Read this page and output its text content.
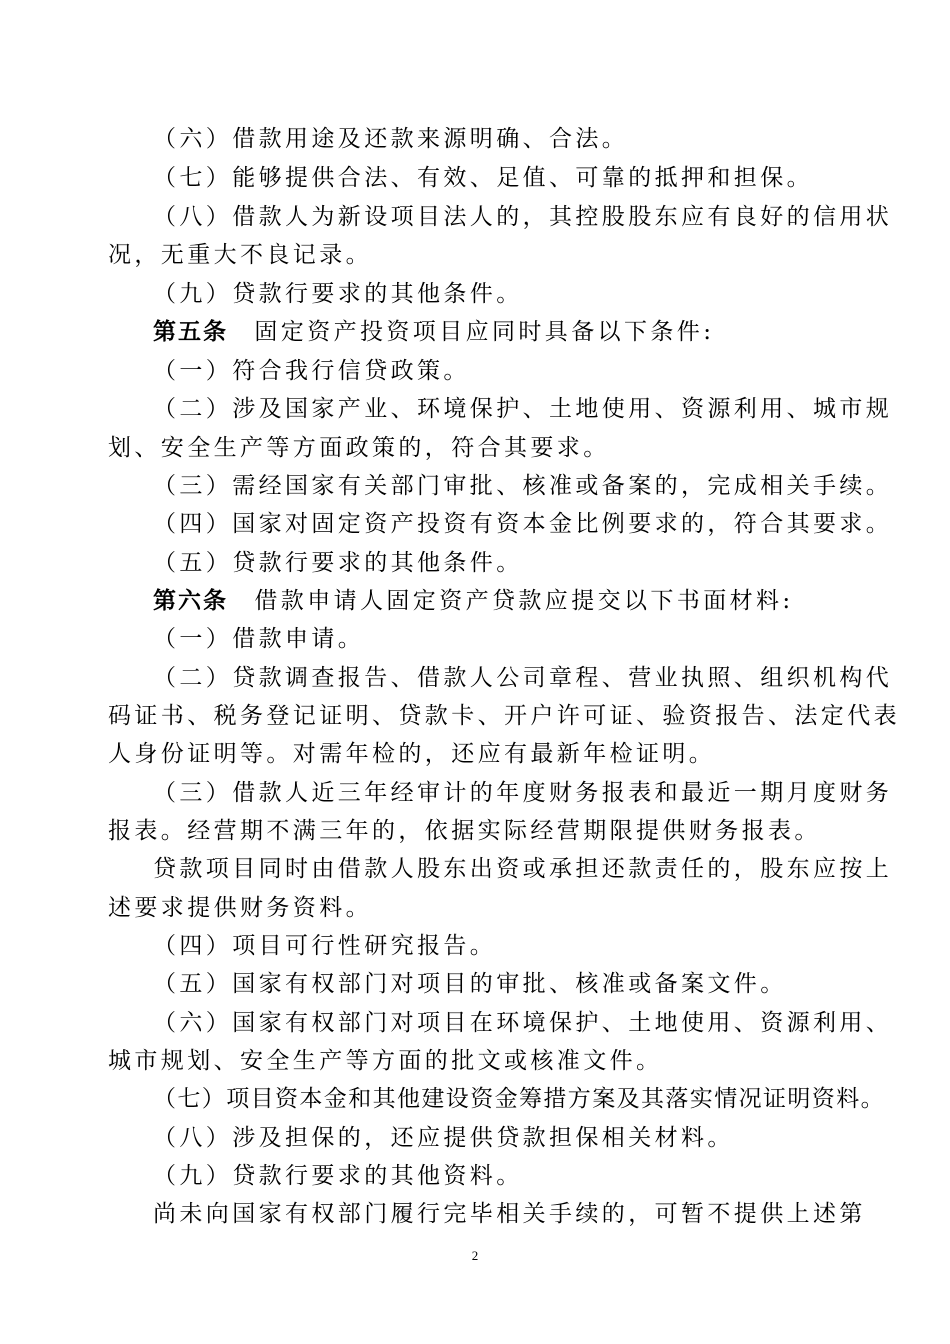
（六）借款用途及还款来源明确、合法。
（七）能够提供合法、有效、足值、可靠的抵押和担保。
（八）借款人为新设项目法人的，其控股股东应有良好的信用状
况，无重大不良记录。
（九）贷款行要求的其他条件。
第五条　固定资产投资项目应同时具备以下条件:
（一）符合我行信贷政策。
（二）涉及国家产业、环境保护、土地使用、资源利用、城市规
划、安全生产等方面政策的，符合其要求。
（三）需经国家有关部门审批、核准或备案的，完成相关手续。
（四）国家对固定资产投资有资本金比例要求的，符合其要求。
（五）贷款行要求的其他条件。
第六条　借款申请人固定资产贷款应提交以下书面材料:
（一）借款申请。
（二）贷款调查报告、借款人公司章程、营业执照、组织机构代
码证书、税务登记证明、贷款卡、开户许可证、验资报告、法定代表
人身份证明等。对需年检的，还应有最新年检证明。
（三）借款人近三年经审计的年度财务报表和最近一期月度财务
报表。经营期不满三年的，依据实际经营期限提供财务报表。
贷款项目同时由借款人股东出资或承担还款责任的，股东应按上
述要求提供财务资料。
（四）项目可行性研究报告。
（五）国家有权部门对项目的审批、核准或备案文件。
（六）国家有权部门对项目在环境保护、土地使用、资源利用、
城市规划、安全生产等方面的批文或核准文件。
（七）项目资本金和其他建设资金筹措方案及其落实情况证明资料。
（八）涉及担保的，还应提供贷款担保相关材料。
（九）贷款行要求的其他资料。
尚未向国家有权部门履行完毕相关手续的，可暂不提供上述第
2
